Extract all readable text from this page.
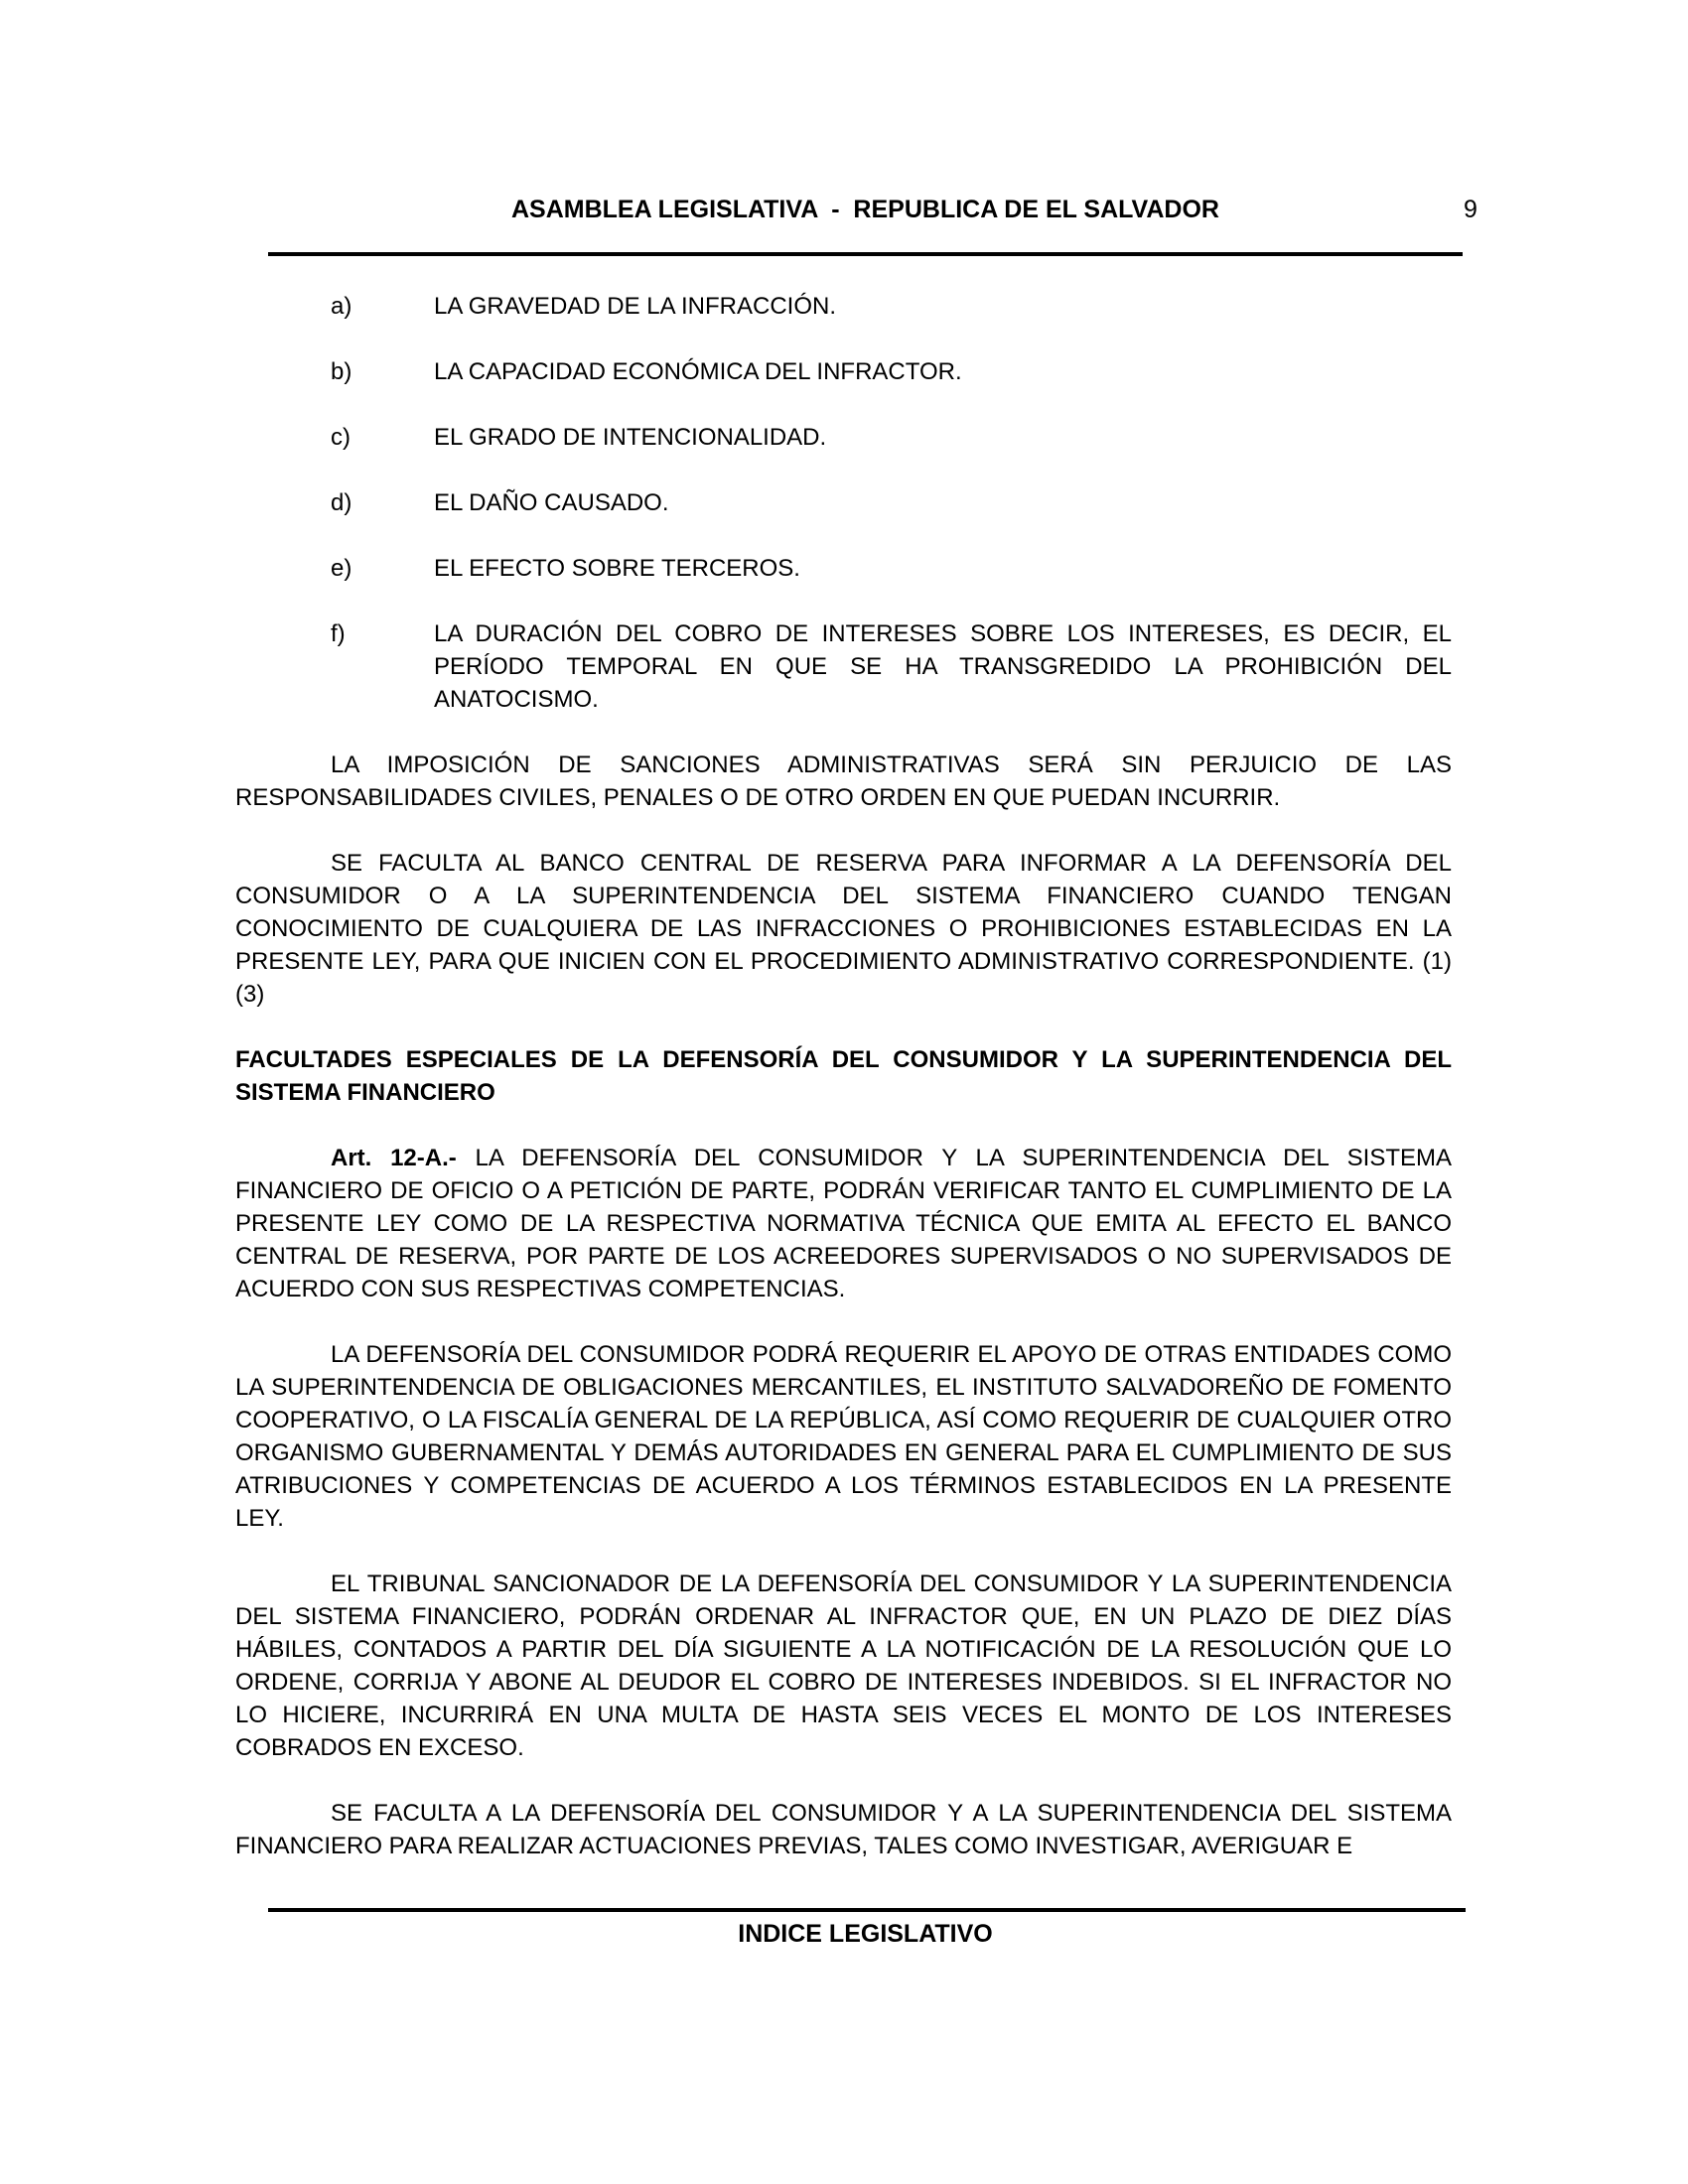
ASAMBLEA LEGISLATIVA  -  REPUBLICA DE EL SALVADOR	9
a)	LA GRAVEDAD DE LA INFRACCIÓN.
b)	LA CAPACIDAD ECONÓMICA DEL INFRACTOR.
c)	EL GRADO DE INTENCIONALIDAD.
d)	EL DAÑO CAUSADO.
e)	EL EFECTO SOBRE TERCEROS.
f)	LA DURACIÓN DEL COBRO DE INTERESES SOBRE LOS INTERESES, ES DECIR, EL PERÍODO TEMPORAL EN QUE SE HA TRANSGREDIDO LA PROHIBICIÓN DEL ANATOCISMO.

LA IMPOSICIÓN DE SANCIONES ADMINISTRATIVAS SERÁ SIN PERJUICIO DE LAS RESPONSABILIDADES CIVILES, PENALES O DE OTRO ORDEN EN QUE PUEDAN INCURRIR.

SE FACULTA AL BANCO CENTRAL DE RESERVA PARA INFORMAR A LA DEFENSORÍA DEL CONSUMIDOR O A LA SUPERINTENDENCIA DEL SISTEMA FINANCIERO CUANDO TENGAN CONOCIMIENTO DE CUALQUIERA DE LAS INFRACCIONES O PROHIBICIONES ESTABLECIDAS EN LA PRESENTE LEY, PARA QUE INICIEN CON EL PROCEDIMIENTO ADMINISTRATIVO CORRESPONDIENTE. (1) (3)

FACULTADES ESPECIALES DE LA DEFENSORÍA DEL CONSUMIDOR Y LA SUPERINTENDENCIA DEL SISTEMA FINANCIERO

Art. 12-A.- LA DEFENSORÍA DEL CONSUMIDOR Y LA SUPERINTENDENCIA DEL SISTEMA FINANCIERO DE OFICIO O A PETICIÓN DE PARTE, PODRÁN VERIFICAR TANTO EL CUMPLIMIENTO DE LA PRESENTE LEY COMO DE LA RESPECTIVA NORMATIVA TÉCNICA QUE EMITA AL EFECTO EL BANCO CENTRAL DE RESERVA, POR PARTE DE LOS ACREEDORES SUPERVISADOS O NO SUPERVISADOS DE ACUERDO CON SUS RESPECTIVAS COMPETENCIAS.

LA DEFENSORÍA DEL CONSUMIDOR PODRÁ REQUERIR EL APOYO DE OTRAS ENTIDADES COMO LA SUPERINTENDENCIA DE OBLIGACIONES MERCANTILES, EL INSTITUTO SALVADOREÑO DE FOMENTO COOPERATIVO, O LA FISCALÍA GENERAL DE LA REPÚBLICA, ASÍ COMO REQUERIR DE CUALQUIER OTRO ORGANISMO GUBERNAMENTAL Y DEMÁS AUTORIDADES EN GENERAL PARA EL CUMPLIMIENTO DE SUS ATRIBUCIONES Y COMPETENCIAS DE ACUERDO A LOS TÉRMINOS ESTABLECIDOS EN LA PRESENTE LEY.

EL TRIBUNAL SANCIONADOR DE LA DEFENSORÍA DEL CONSUMIDOR Y LA SUPERINTENDENCIA DEL SISTEMA FINANCIERO, PODRÁN ORDENAR AL INFRACTOR QUE, EN UN PLAZO DE DIEZ DÍAS HÁBILES, CONTADOS A PARTIR DEL DÍA SIGUIENTE A LA NOTIFICACIÓN DE LA RESOLUCIÓN QUE LO ORDENE, CORRIJA Y ABONE AL DEUDOR EL COBRO DE INTERESES INDEBIDOS. SI EL INFRACTOR NO LO HICIERE, INCURRIRÁ EN UNA MULTA DE HASTA SEIS VECES EL MONTO DE LOS INTERESES COBRADOS EN EXCESO.

SE FACULTA A LA DEFENSORÍA DEL CONSUMIDOR Y A LA SUPERINTENDENCIA DEL SISTEMA FINANCIERO PARA REALIZAR ACTUACIONES PREVIAS, TALES COMO INVESTIGAR, AVERIGUAR E

INDICE LEGISLATIVO
